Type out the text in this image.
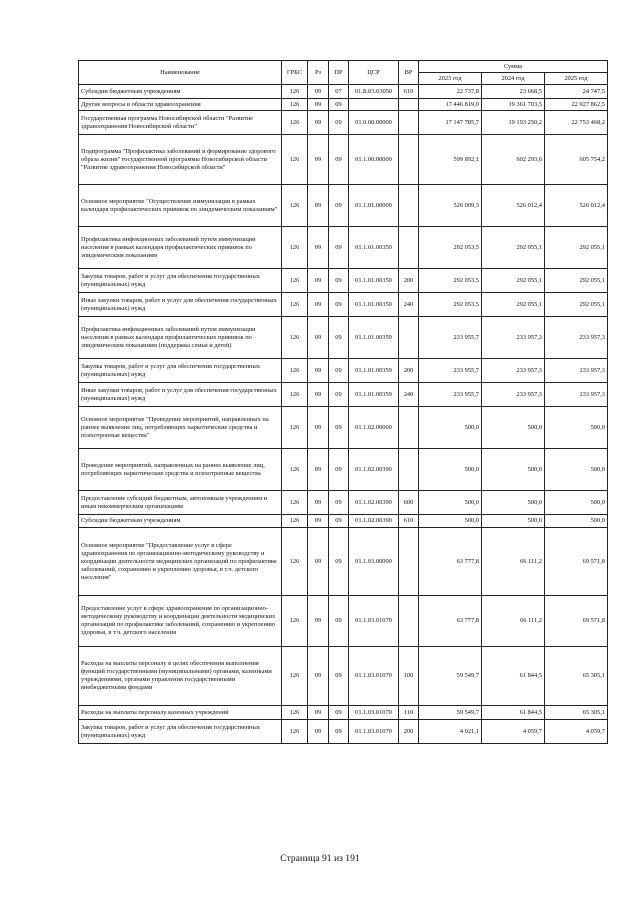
Наименование	ГРБС	Рз	ПР	ЦСР	ВР	Сумма		
						2023 год	2024 год	2025 год
Субсидии бюджетным учреждениям	126	09	07	01.Б.03.03050	610	22 737,8	23 668,5	24 747,5
Другие вопросы в области здравоохранения	126	09	09			17 446 819,0	19 361 703,5	22 927 862,5
Государственная программа Новосибирской области "Развитие здравоохранения Новосибирской области"	126	09	09	01.0.00.00000		17 147 785,7	19 193 250,2	22 753 468,2
Подпрограмма "Профилактика заболеваний и формирование здорового образа жизни" государственной программы Новосибирской области "Развитие здравоохранения Новосибирской области"	126	09	09	01.1.00.00000		599 892,1	602 293,6	605 754,2
Основное мероприятие "Осуществление иммунизации в рамках календаря профилактических прививок по эпидемическим показаниям"	126	09	09	01.1.01.00000		526 009,3	526 012,4	526 012,4
Профилактика инфекционных заболеваний путем иммунизации населения в рамках календаря профилактических прививок по эпидемическим показаниям	126	09	09	01.1.01.00350		292 053,5	292 055,1	292 055,1
Закупка товаров, работ и услуг для обеспечения государственных (муниципальных) нужд	126	09	09	01.1.01.00350	200	292 053,5	292 055,1	292 055,1
Иные закупки товаров, работ и услуг для обеспечения государственных (муниципальных) нужд	126	09	09	01.1.01.00350	240	292 053,5	292 055,1	292 055,1
Профилактика инфекционных заболеваний путем иммунизации населения в рамках календаря профилактических прививок по эпидемическим показаниям (поддержка семьи и детей)	126	09	09	01.1.01.00359		233 955,7	233 957,3	233 957,3
Закупка товаров, работ и услуг для обеспечения государственных (муниципальных) нужд	126	09	09	01.1.01.00359	200	233 955,7	233 957,3	233 957,3
Иные закупки товаров, работ и услуг для обеспечения государственных (муниципальных) нужд	126	09	09	01.1.01.00359	240	233 955,7	233 957,3	233 957,3
Основное мероприятие "Проведение мероприятий, направленных на раннее выявление лиц, потребляющих наркотические средства и психотропные вещества"	126	09	09	01.1.02.00000		500,0	500,0	500,0
Проведение мероприятий, направленных на раннее выявление лиц, потребляющих наркотические средства и психотропные вещества	126	09	09	01.1.02.00390		500,0	500,0	500,0
Предоставление субсидий бюджетным, автономным учреждениям и иным некоммерческим организациям	126	09	09	01.1.02.00390	600	500,0	500,0	500,0
Субсидии бюджетным учреждениям	126	09	09	01.1.02.00390	610	500,0	500,0	500,0
Основное мероприятие "Предоставление услуг в сфере здравоохранения по организационно-методическому руководству и координации деятельности медицинских организаций по профилактике заболеваний, сохранению и укреплению здоровья, в т.ч. детского населения"	126	09	09	01.1.03.00000		63 777,8	66 111,2	69 571,8
Предоставление услуг в сфере здравоохранения по организационно-методическому руководству и координации деятельности медицинских организаций по профилактике заболеваний, сохранению и укреплению здоровья, в т.ч. детского населения	126	09	09	01.1.03.01070		63 777,8	66 111,2	69 571,8
Расходы на выплаты персоналу в целях обеспечения выполнения функций государственными (муниципальными) органами, казенными учреждениями, органами управления государственными внебюджетными фондами	126	09	09	01.1.03.01070	100	59 549,7	61 844,5	65 305,1
Расходы на выплаты персоналу казенных учреждений	126	09	09	01.1.03.01070	110	59 549,7	61 844,5	65 305,1
Закупка товаров, работ и услуг для обеспечения государственных (муниципальных) нужд	126	09	09	01.1.03.01070	200	4 021,1	4 059,7	4 059,7
Страница 91 из 191
